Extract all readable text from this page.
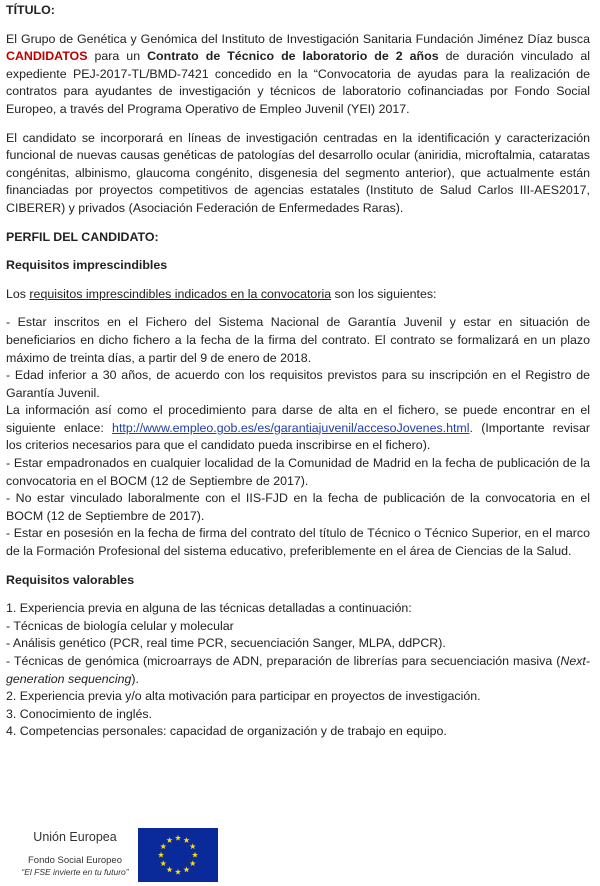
TÍTULO:

El Grupo de Genética y Genómica del Instituto de Investigación Sanitaria Fundación Jiménez Díaz busca CANDIDATOS para un Contrato de Técnico de laboratorio de 2 años de duración vinculado al expediente PEJ-2017-TL/BMD-7421 concedido en la “Convocatoria de ayudas para la realización de contratos para ayudantes de investigación y técnicos de laboratorio cofinanciadas por Fondo Social Europeo, a través del Programa Operativo de Empleo Juvenil (YEI) 2017.

El candidato se incorporará en líneas de investigación centradas en la identificación y caracterización funcional de nuevas causas genéticas de patologías del desarrollo ocular (aniridia, microftalmia, cataratas congénitas, albinismo, glaucoma congénito, disgenesia del segmento anterior), que actualmente están financiadas por proyectos competitivos de agencias estatales (Instituto de Salud Carlos III-AES2017, CIBERER) y privados (Asociación Federación de Enfermedades Raras).

PERFIL DEL CANDIDATO:

Requisitos imprescindibles

Los requisitos imprescindibles indicados en la convocatoria son los siguientes:

- Estar inscritos en el Fichero del Sistema Nacional de Garantía Juvenil y estar en situación de beneficiarios en dicho fichero a la fecha de la firma del contrato. El contrato se formalizará en un plazo máximo de treinta días, a partir del 9 de enero de 2018.

- Edad inferior a 30 años, de acuerdo con los requisitos previstos para su inscripción en el Registro de Garantía Juvenil.

La información así como el procedimiento para darse de alta en el fichero, se puede encontrar en el siguiente enlace: http://www.empleo.gob.es/es/garantiajuvenil/accesoJovenes.html. (Importante revisar los criterios necesarios para que el candidato pueda inscribirse en el fichero).

- Estar empadronados en cualquier localidad de la Comunidad de Madrid en la fecha de publicación de la convocatoria en el BOCM (12 de Septiembre de 2017).

- No estar vinculado laboralmente con el IIS-FJD en la fecha de publicación de la convocatoria en el BOCM (12 de Septiembre de 2017).

- Estar en posesión en la fecha de firma del contrato del título de Técnico o Técnico Superior, en el marco de la Formación Profesional del sistema educativo, preferiblemente en el área de Ciencias de la Salud.

Requisitos valorables

1. Experiencia previa en alguna de las técnicas detalladas a continuación:

- Técnicas de biología celular y molecular

- Análisis genético (PCR, real time PCR, secuenciación Sanger, MLPA, ddPCR).

- Técnicas de genómica (microarrays de ADN, preparación de librerías para secuenciación masiva (Next-generation sequencing).

2. Experiencia previa y/o alta motivación para participar en proyectos de investigación.

3. Conocimiento de inglés.

4. Competencias personales: capacidad de organización y de trabajo en equipo.

Unión Europea
Fondo Social Europeo
“El FSE invierte en tu futuro”
